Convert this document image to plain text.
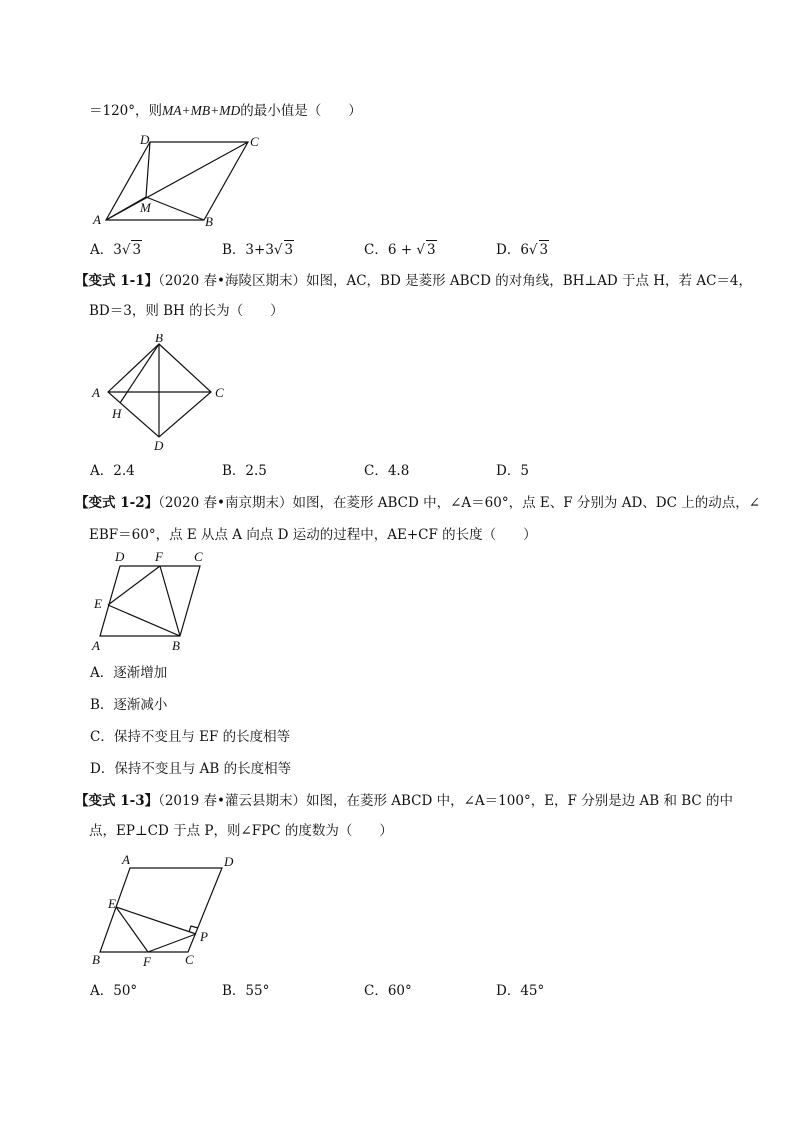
＝120°，则MA+MB+MD的最小值是（　　）
A	B
C
D
M
A．3√ 3	B．3+3√ 3	C．6 + √ 3	D．6√ 3
【变式 1-1】（2020 春•海陵区期末）如图，AC，BD 是菱形 ABCD 的对角线，BH⊥AD 于点 H，若 AC＝4，
BD＝3，则 BH 的长为（　　）
A
B
C
D
H
A．2.4	B．2.5	C．4.8	D．5
【变式 1-2】（2020 春•南京期末）如图，在菱形 ABCD 中，∠A＝60°，点 E、F 分别为 AD、DC 上的动点，∠
EBF＝60°，点 E 从点 A 向点 D 运动的过程中，AE+CF 的长度（　　）
A	B
C
D
E
F
A．逐渐增加
B．逐渐减小
C．保持不变且与 EF 的长度相等
D．保持不变且与 AB 的长度相等
【变式 1-3】（2019 春•灌云县期末）如图，在菱形 ABCD 中，∠A＝100°，E，F 分别是边 AB 和 BC 的中
点，EP⊥CD 于点 P，则∠FPC 的度数为（　　）
A	D
B	C
E
F
P
A．50°	B．55°	C．60°	D．45°
